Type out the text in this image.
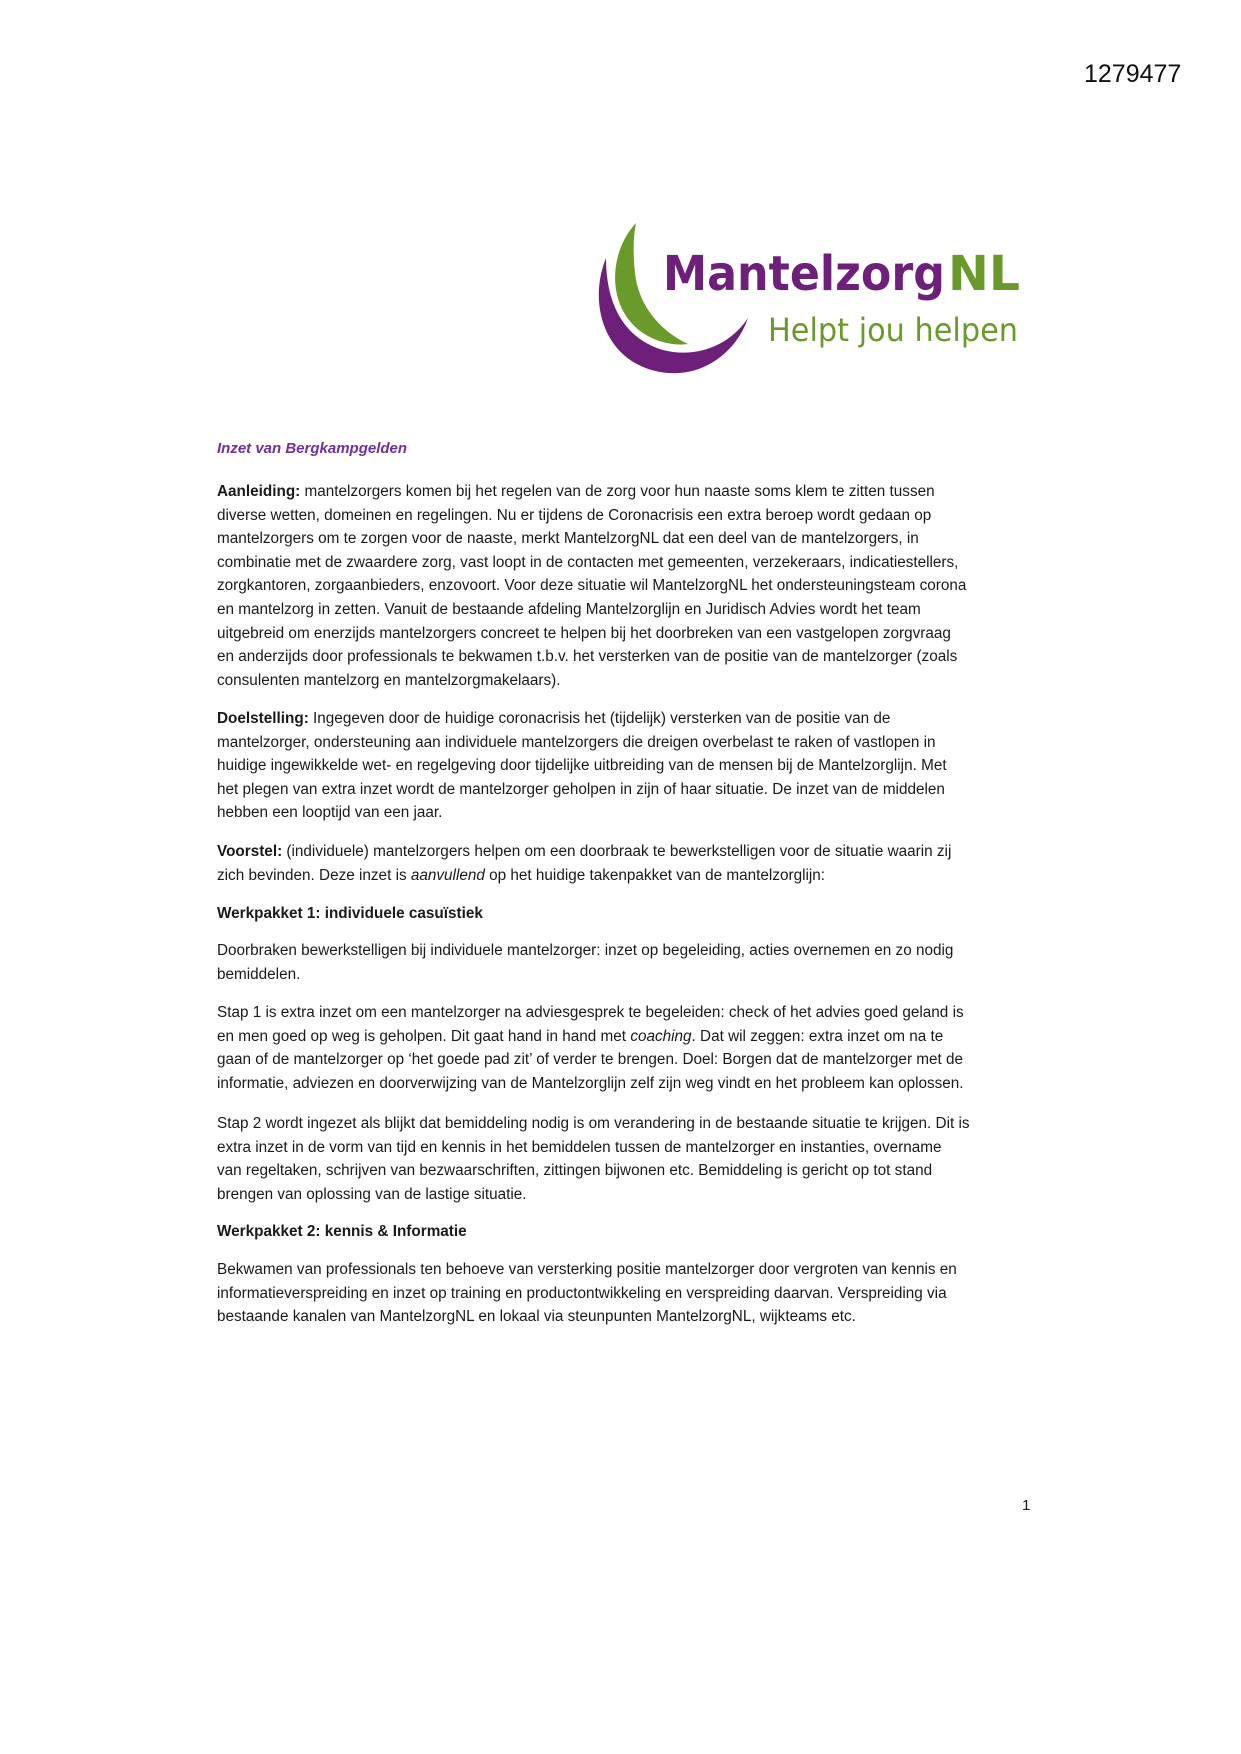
1279477
Mantelzorg NL
Helpt jou helpen
Inzet van Bergkampgelden
Aanleiding: mantelzorgers komen bij het regelen van de zorg voor hun naaste soms klem te zitten tussen
diverse wetten, domeinen en regelingen. Nu er tijdens de Coronacrisis een extra beroep wordt gedaan op
mantelzorgers om te zorgen voor de naaste, merkt MantelzorgNL dat een deel van de mantelzorgers, in
combinatie met de zwaardere zorg, vast loopt in de contacten met gemeenten, verzekeraars, indicatiestellers,
zorgkantoren, zorgaanbieders, enzovoort. Voor deze situatie wil MantelzorgNL het ondersteuningsteam corona
en mantelzorg in zetten. Vanuit de bestaande afdeling Mantelzorglijn en Juridisch Advies wordt het team
uitgebreid om enerzijds mantelzorgers concreet te helpen bij het doorbreken van een vastgelopen zorgvraag
en anderzijds door professionals te bekwamen t.b.v. het versterken van de positie van de mantelzorger (zoals
consulenten mantelzorg en mantelzorgmakelaars).
Doelstelling: Ingegeven door de huidige coronacrisis het (tijdelijk) versterken van de positie van de
mantelzorger, ondersteuning aan individuele mantelzorgers die dreigen overbelast te raken of vastlopen in
huidige ingewikkelde wet- en regelgeving door tijdelijke uitbreiding van de mensen bij de Mantelzorglijn. Met
het plegen van extra inzet wordt de mantelzorger geholpen in zijn of haar situatie. De inzet van de middelen
hebben een looptijd van een jaar.
Voorstel: (individuele) mantelzorgers helpen om een doorbraak te bewerkstelligen voor de situatie waarin zij
zich bevinden. Deze inzet is aanvullend op het huidige takenpakket van de mantelzorglijn:
Werkpakket 1: individuele casuïstiek
Doorbraken bewerkstelligen bij individuele mantelzorger: inzet op begeleiding, acties overnemen en zo nodig
bemiddelen.
Stap 1 is extra inzet om een mantelzorger na adviesgesprek te begeleiden: check of het advies goed geland is
en men goed op weg is geholpen. Dit gaat hand in hand met coaching. Dat wil zeggen: extra inzet om na te
gaan of de mantelzorger op ‘het goede pad zit’ of verder te brengen. Doel: Borgen dat de mantelzorger met de
informatie, adviezen en doorverwijzing van de Mantelzorglijn zelf zijn weg vindt en het probleem kan oplossen.
Stap 2 wordt ingezet als blijkt dat bemiddeling nodig is om verandering in de bestaande situatie te krijgen. Dit is
extra inzet in de vorm van tijd en kennis in het bemiddelen tussen de mantelzorger en instanties, overname
van regeltaken, schrijven van bezwaarschriften, zittingen bijwonen etc. Bemiddeling is gericht op tot stand
brengen van oplossing van de lastige situatie.
Werkpakket 2: kennis & Informatie
Bekwamen van professionals ten behoeve van versterking positie mantelzorger door vergroten van kennis en
informatieverspreiding en inzet op training en productontwikkeling en verspreiding daarvan. Verspreiding via
bestaande kanalen van MantelzorgNL en lokaal via steunpunten MantelzorgNL, wijkteams etc.
1
